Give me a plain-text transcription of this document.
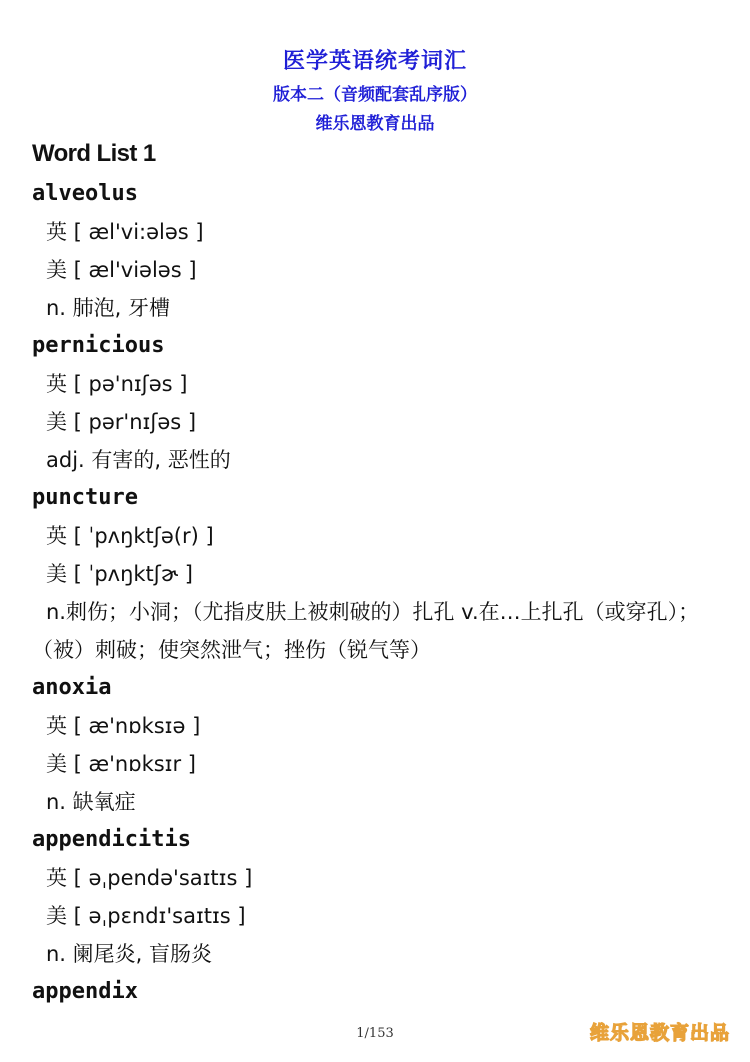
医学英语统考词汇
版本二（音频配套乱序版）
维乐恩教育出品
Word List 1
alveolus
英 [ æl'vi:ələs ]
美 [ æl'viələs ]
n. 肺泡, 牙槽
pernicious
英 [ pə'nɪʃəs ]
美 [ pər'nɪʃəs ]
adj. 有害的, 恶性的
puncture
英 [ ˈpʌŋktʃə(r) ]
美 [ ˈpʌŋktʃɚ ]
n.刺伤；小洞；（尤指皮肤上被刺破的）扎孔 v.在…上扎孔（或穿孔）；（被）刺破；使突然泄气；挫伤（锐气等）
anoxia
英 [ æ'nɒksɪə ]
美 [ æ'nɒksɪr ]
n. 缺氧症
appendicitis
英 [ əˌpendə'saɪtɪs ]
美 [ əˌpɛndɪ'saɪtɪs ]
n. 阑尾炎, 盲肠炎
appendix
1/153	维乐恩教育出品
